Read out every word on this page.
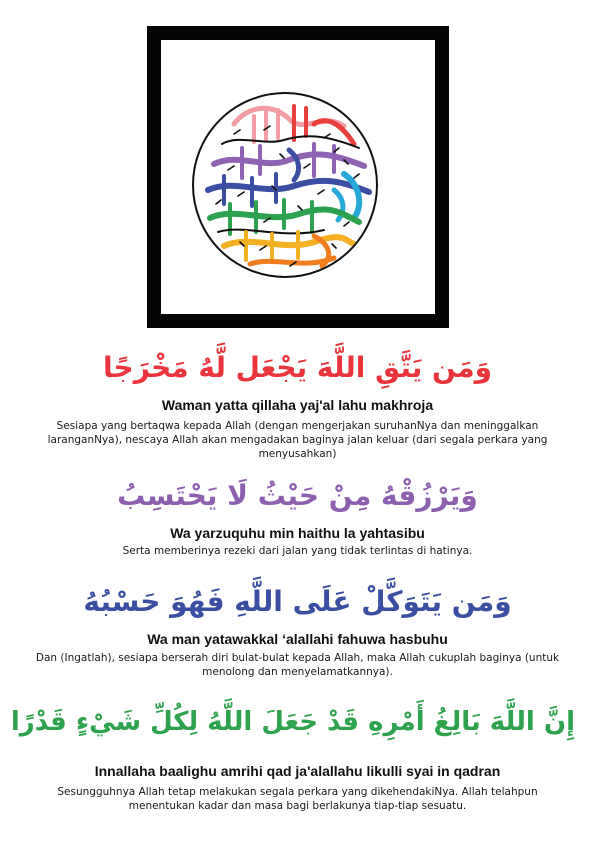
وَمَن يَتَّقِ اللَّهَ يَجْعَل لَّهُ مَخْرَجًا
Waman yatta qillaha yaj'al lahu makhroja
Sesiapa yang bertaqwa kepada Allah (dengan mengerjakan suruhanNya dan meninggalkan laranganNya), nescaya Allah akan mengadakan baginya jalan keluar (dari segala perkara yang menyusahkan)
وَيَرْزُقْهُ مِنْ حَيْثُ لَا يَحْتَسِبُ
Wa yarzuquhu min haithu la yahtasibu
Serta memberinya rezeki dari jalan yang tidak terlintas di hatinya.
وَمَن يَتَوَكَّلْ عَلَى اللَّهِ فَهُوَ حَسْبُهُ
Wa man yatawakkal ‘alallahi fahuwa hasbuhu
Dan (Ingatlah), sesiapa berserah diri bulat-bulat kepada Allah, maka Allah cukuplah baginya (untuk menolong dan menyelamatkannya).
إِنَّ اللَّهَ بَالِغُ أَمْرِهِ قَدْ جَعَلَ اللَّهُ لِكُلِّ شَيْءٍ قَدْرًا
Innallaha baalighu amrihi qad ja'alallahu likulli syai in qadran
Sesungguhnya Allah tetap melakukan segala perkara yang dikehendakiNya. Allah telahpun menentukan kadar dan masa bagi berlakunya tiap-tiap sesuatu.
